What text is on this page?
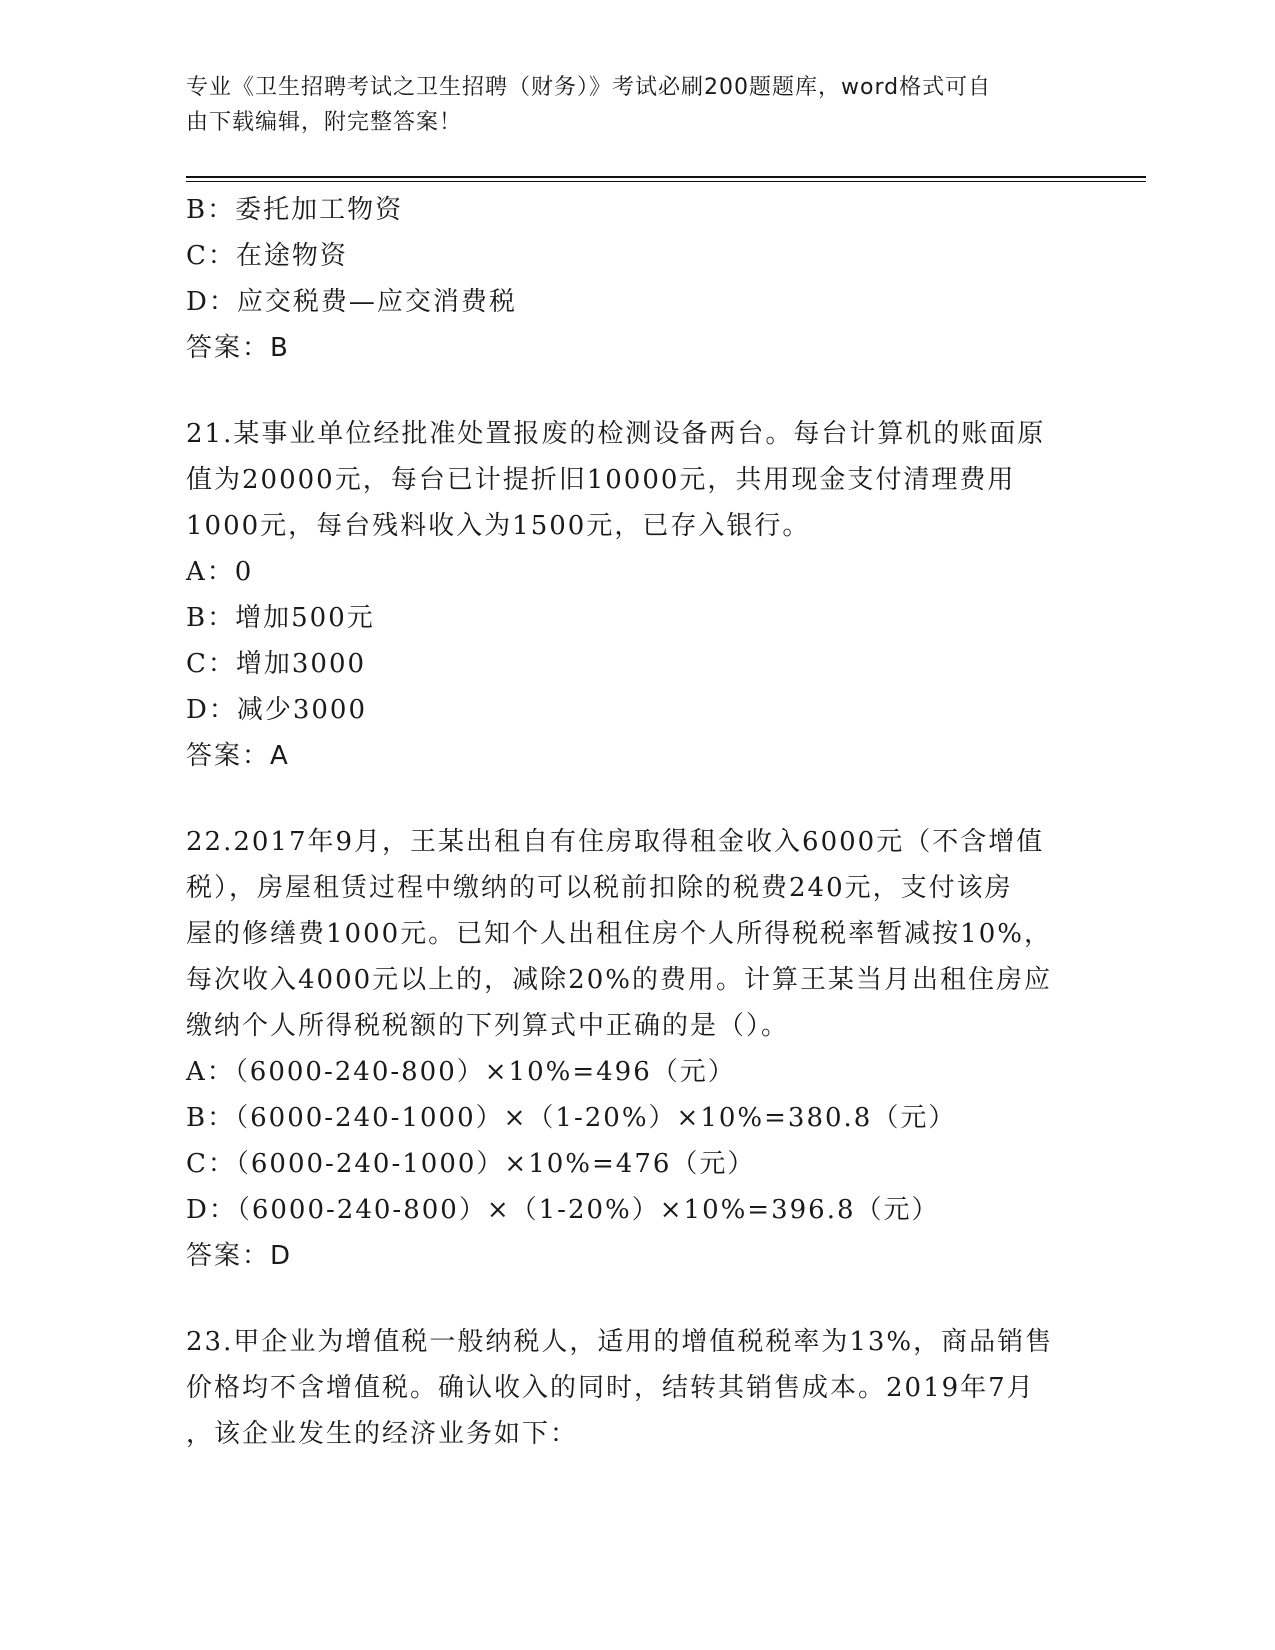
专业《卫生招聘考试之卫生招聘（财务）》考试必刷200题题库，word格式可自
由下载编辑，附完整答案！
B：委托加工物资
C：在途物资
D：应交税费—应交消费税
答案：B
21.某事业单位经批准处置报废的检测设备两台。每台计算机的账面原
值为20000元，每台已计提折旧10000元，共用现金支付清理费用
1000元，每台残料收入为1500元，已存入银行。
A：0
B：增加500元
C：增加3000
D：减少3000
答案：A
22.2017年9月，王某出租自有住房取得租金收入6000元（不含增值
税），房屋租赁过程中缴纳的可以税前扣除的税费240元，支付该房
屋的修缮费1000元。已知个人出租住房个人所得税税率暂减按10%，
每次收入4000元以上的，减除20%的费用。计算王某当月出租住房应
缴纳个人所得税税额的下列算式中正确的是（）。
A：（6000-240-800）×10%=496（元）
B：（6000-240-1000）×（1-20%）×10%=380.8（元）
C：（6000-240-1000）×10%=476（元）
D：（6000-240-800）×（1-20%）×10%=396.8（元）
答案：D
23.甲企业为增值税一般纳税人，适用的增值税税率为13%，商品销售
价格均不含增值税。确认收入的同时，结转其销售成本。2019年7月
，该企业发生的经济业务如下：
